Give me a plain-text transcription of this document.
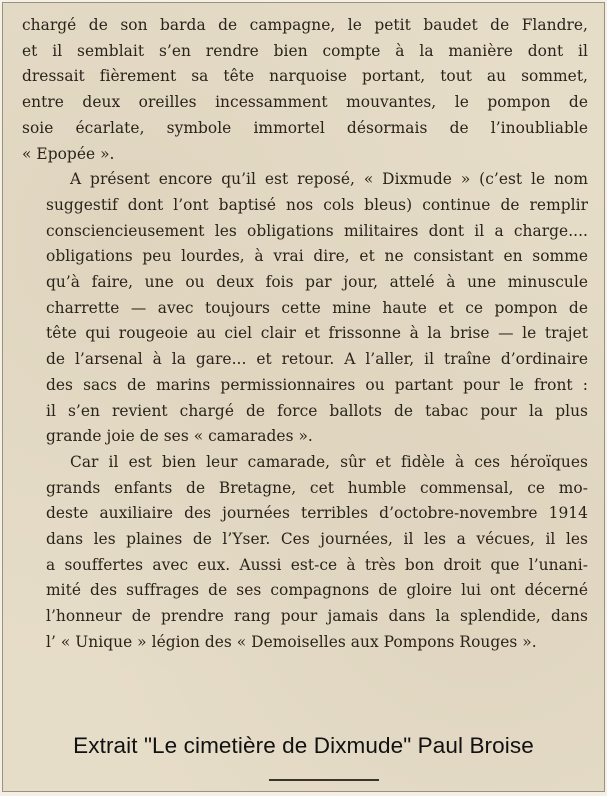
chargé de son barda de campagne, le petit baudet de Flandre,
et il semblait s’en rendre bien compte à la manière dont il
dressait fièrement sa tête narquoise portant, tout au sommet,
entre deux oreilles incessamment mouvantes, le pompon de
soie écarlate, symbole immortel désormais de l’inoubliable
« Epopée ».
A présent encore qu’il est reposé, « Dixmude » (c’est le nom
suggestif dont l’ont baptisé nos cols bleus) continue de remplir
consciencieusement les obligations militaires dont il a charge....
obligations peu lourdes, à vrai dire, et ne consistant en somme
qu’à faire, une ou deux fois par jour, attelé à une minuscule
charrette — avec toujours cette mine haute et ce pompon de
tête qui rougeoie au ciel clair et frissonne à la brise — le trajet
de l’arsenal à la gare... et retour. A l’aller, il traîne d’ordinaire
des sacs de marins permissionnaires ou partant pour le front :
il s’en revient chargé de force ballots de tabac pour la plus
grande joie de ses « camarades ».
Car il est bien leur camarade, sûr et fidèle à ces héroïques
grands enfants de Bretagne, cet humble commensal, ce mo-
deste auxiliaire des journées terribles d’octobre-novembre 1914
dans les plaines de l’Yser. Ces journées, il les a vécues, il les
a souffertes avec eux. Aussi est-ce à très bon droit que l’unani-
mité des suffrages de ses compagnons de gloire lui ont décerné
l’honneur de prendre rang pour jamais dans la splendide, dans
l’ « Unique » légion des « Demoiselles aux Pompons Rouges ».
Extrait "Le cimetière de Dixmude" Paul Broise
